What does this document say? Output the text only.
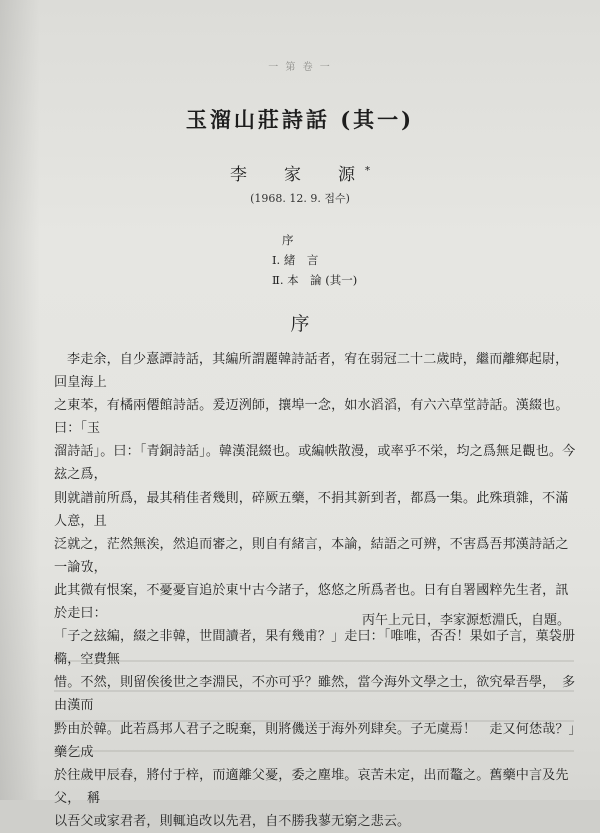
一 第 卷 一
玉溜山莊詩話 (其一)
李　家　源*
(1968. 12. 9. 접수)
序
Ⅰ. 緒　言
Ⅱ. 本　論 (其一)
序

李走余，自少憙譚詩話，其編所謂麗韓詩話者，宥在弱冠二十二歲時，繼而離鄉起尉，回皇海上

之東苯，有橘兩僊館詩話。爰迈洌師，攘埠一念，如水滔滔，有六六草堂詩話。漢綴也。曰：「玉

溜詩話」。曰：「青銅詩話」。韓漢混綴也。或編帙散漫，或率乎不栄，均之爲無足觀也。今玆之爲，

則就譜前所爲，最其稍佳者幾則，碎厥五藥，不捐其新到者，都爲一集。此殊瑣雜，不滿人意，且

泛就之，茫然無涘，然追而審之，則自有緒言，本論，結語之可辨，不害爲吾邦漢詩話之一論攷，

此其微有恨案，不憂憂盲追於東屮古今諸子，悠悠之所爲者也。日有自署國粹先生者，訊於走曰：

「子之玆編，綴之非韓，世間讀者，果有幾甫？」走曰：「唯唯，否否！果如子言，菓袋册橢，空費無

惜。不然，則留俟後世之李淵民，不亦可乎？雖然，當今海外文學之士，欲究晕吾學，　多由漢而

黔由於韓。此若爲邦人君子之睨棄，則將僟送于海外列肆矣。子无虞焉！　走又何恷哉？」藥乞成

於往歲甲辰春，將付于梓，而適離父憂，委之塵堆。哀苦未定，出而鼇之。舊藥中言及先父，　稱

以吾父或家君者，則輒追改以先君，自不勝我蓼无窮之悲云。

丙午上元日，李家源惁淵氏，自題。
